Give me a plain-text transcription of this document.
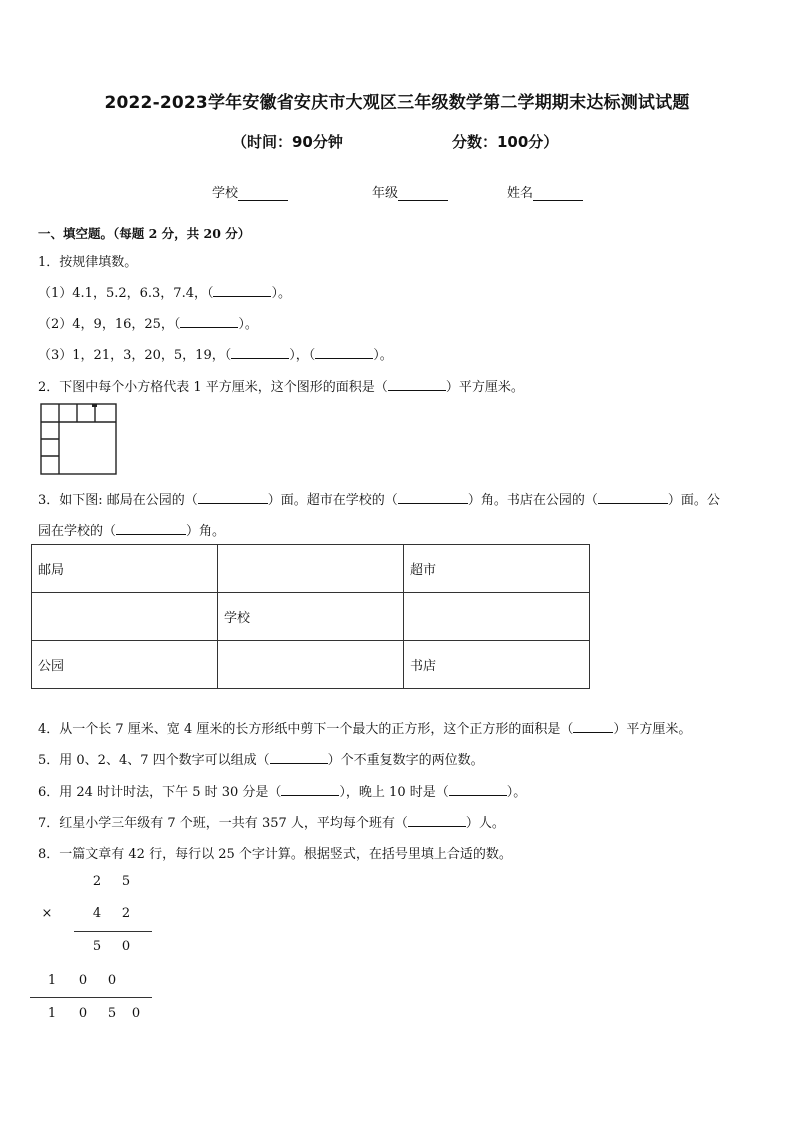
2022-2023学年安徽省安庆市大观区三年级数学第二学期期末达标测试试题
（时间：90分钟	分数：100分）
学校	年级	姓名
一、填空题。（每题 2 分，共 20 分）
1．按规律填数。
（1）4.1，5.2，6.3，7.4，（	）。
（2）4，9，16，25，（	）。
（3）1，21，3，20，5，19，（	），（	）。
2．下图中每个小方格代表 1 平方厘米，这个图形的面积是（	）平方厘米。
3．如下图: 邮局在公园的（	）面。超市在学校的（	）角。书店在公园的（	）面。公
园在学校的（	）角。
邮局		超市
	学校	
公园		书店
4．从一个长 7 厘米、宽 4 厘米的长方形纸中剪下一个最大的正方形，这个正方形的面积是（	）平方厘米。
5．用 0、2、4、7 四个数字可以组成（	）个不重复数字的两位数。
6．用 24 时计时法，下午 5 时 30 分是（	），晚上 10 时是（	）。
7．红星小学三年级有 7 个班，一共有 357 人，平均每个班有（	）人。
8．一篇文章有 42 行，每行以 25 个字计算。根据竖式，在括号里填上合适的数。
2 5
×	4 2
5 0
1 0 0
1 0 5 0
